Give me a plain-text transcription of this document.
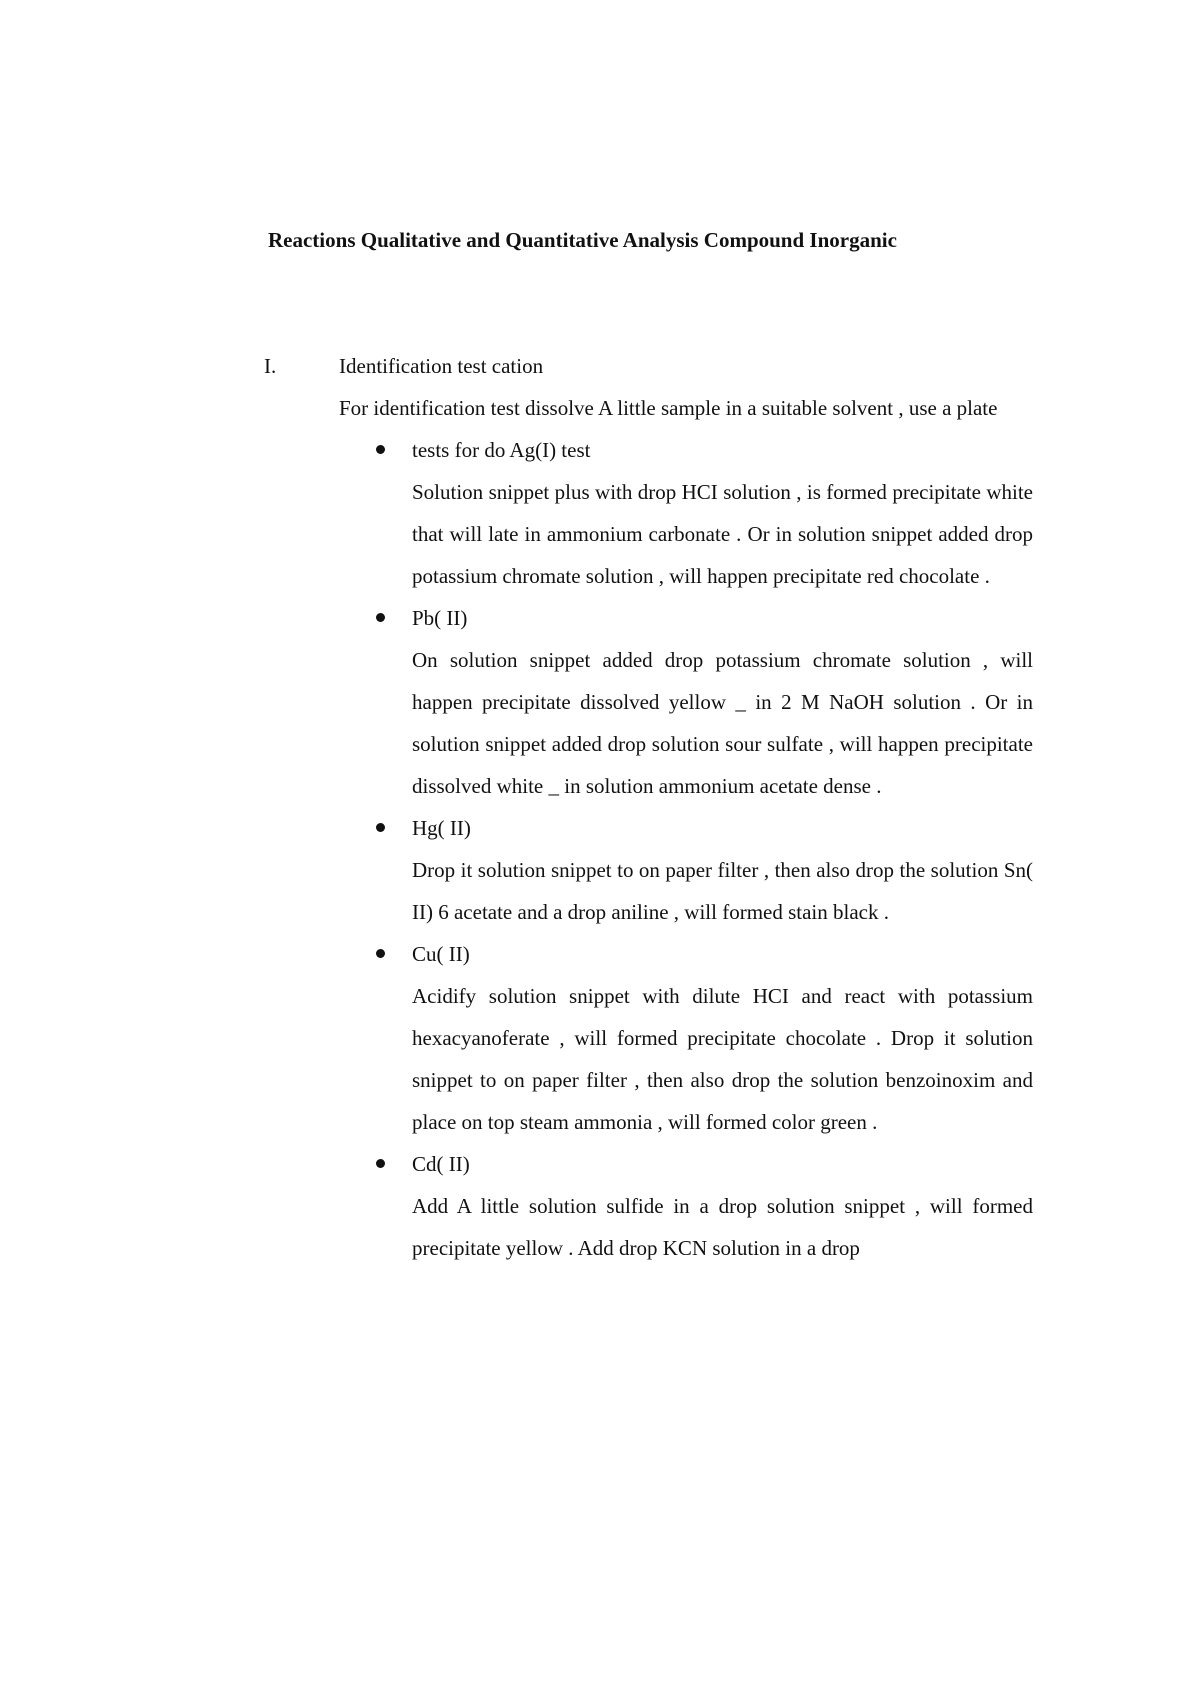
Reactions Qualitative and Quantitative Analysis Compound Inorganic
I.	Identification test cation

For identification test dissolve A little sample in a suitable solvent , use a plate

tests for do Ag(I) test

Solution snippet plus with drop HCI solution , is formed precipitate white that will late in ammonium carbonate . Or in solution snippet added drop potassium chromate solution , will happen precipitate red chocolate .

Pb( II)

On solution snippet added drop potassium chromate solution , will happen precipitate dissolved yellow _ in 2 M NaOH solution . Or in solution snippet added drop solution sour sulfate , will happen precipitate dissolved white _ in solution ammonium acetate dense .

Hg( II)

Drop it solution snippet to on paper filter , then also drop the solution Sn( II) 6 acetate and a drop aniline , will formed stain black .

Cu( II)

Acidify solution snippet with dilute HCI and react with potassium hexacyanoferate , will formed precipitate chocolate . Drop it solution snippet to on paper filter , then also drop the solution benzoinoxim and place on top steam ammonia , will formed color green .

Cd( II)

Add A little solution sulfide in a drop solution snippet , will formed precipitate yellow . Add drop KCN solution in a drop
